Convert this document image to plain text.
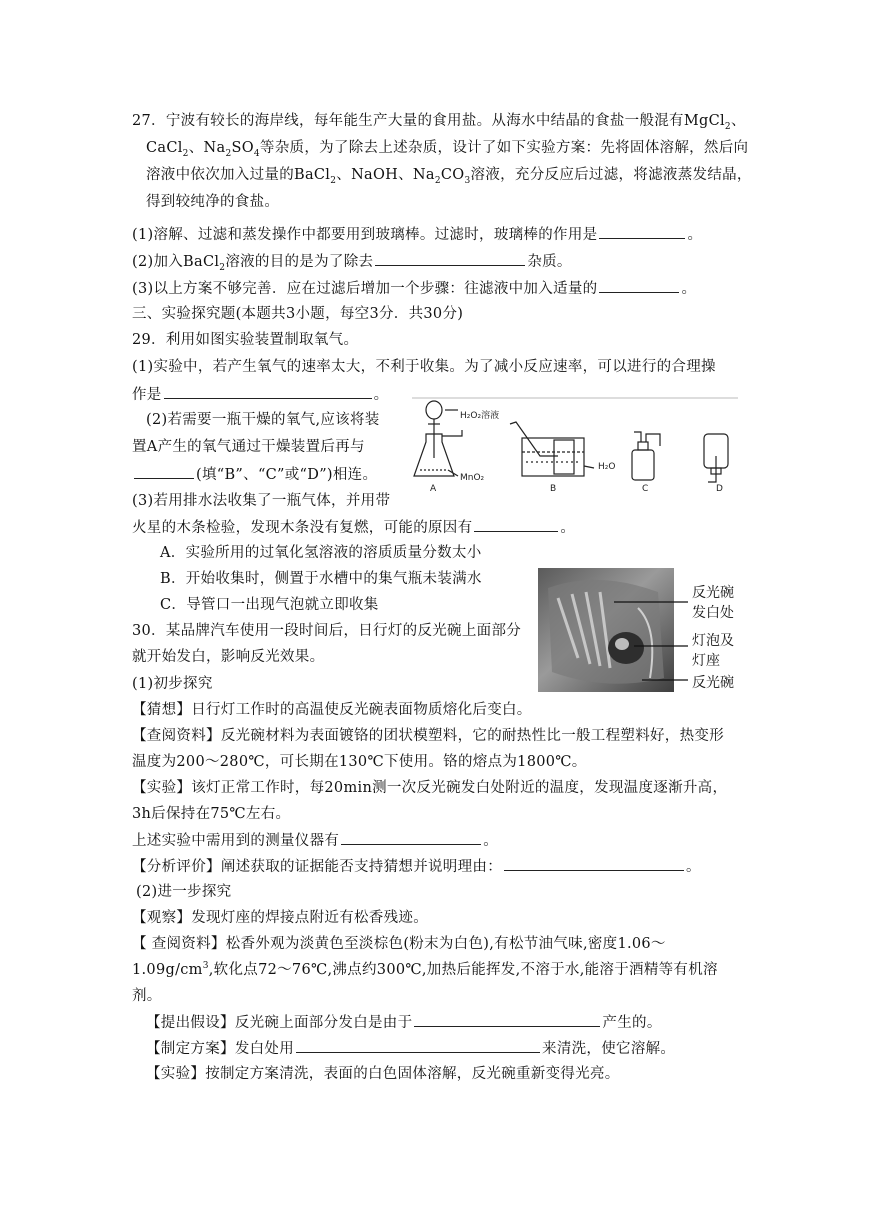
27．宁波有较长的海岸线，每年能生产大量的食用盐。从海水中结晶的食盐一般混有MgCl$_2$、
CaCl$_2$、$Na_2SO_4$等杂质，为了除去上述杂质，设计了如下实验方案：先将固体溶解，然后向
溶液中依次加入过量的BaCl$_2$、NaOH、$Na_2CO_3$溶液，充分反应后过滤，将滤液蒸发结晶，
得到较纯净的食盐。
(1)溶解、过滤和蒸发操作中都要用到玻璃棒。过滤时，玻璃棒的作用是	。
(2)加入BaCl$_2$溶液的目的是为了除去	杂质。
(3)以上方案不够完善．应在过滤后增加一个步骤：往滤液中加入适量的	。
三、实验探究题(本题共3小题，每空3分．共30分)
29．利用如图实验装置制取氧气。
(1)实验中，若产生氧气的速率太大，不利于收集。为了减小反应速率，可以进行的合理操
作是	。
(2)若需要一瓶干燥的氧气,应该将装
置A产生的氧气通过干燥装置后再与
(填“B”、“C”或“D”)相连。
(3)若用排水法收集了一瓶气体，并用带
火星的木条检验，发现木条没有复燃，可能的原因有	。
A．实验所用的过氧化氢溶液的溶质质量分数太小
B．开始收集时，侧置于水槽中的集气瓶未装满水
C．导管口一出现气泡就立即收集
H₂O₂溶液
MnO₂
H₂O
A	B	C	D
30．某品牌汽车使用一段时间后，日行灯的反光碗上面部分
就开始发白，影响反光效果。
反光碗
发白处
灯泡及
灯座
反光碗
(1)初步探究
【猜想】日行灯工作时的高温使反光碗表面物质熔化后变白。
【查阅资料】反光碗材料为表面镀铬的团状模塑料，它的耐热性比一般工程塑料好，热变形
温度为200～280℃，可长期在130℃下使用。铬的熔点为1800℃。
【实验】该灯正常工作时，每20min测一次反光碗发白处附近的温度，发现温度逐渐升高，
3h后保持在75℃左右。
上述实验中需用到的测量仪器有	。
【分析评价】阐述获取的证据能否支持猜想并说明理由：	。
(2)进一步探究
【观察】发现灯座的焊接点附近有松香残迹。
【 查阅资料】松香外观为淡黄色至淡棕色(粉末为白色),有松节油气味,密度1.06～
$1.09g/cm^3$,软化点72～76℃,沸点约300℃,加热后能挥发,不溶于水,能溶于酒精等有机溶
剂。
【提出假设】反光碗上面部分发白是由于	产生的。
【制定方案】发白处用	来清洗，使它溶解。
【实验】按制定方案清洗，表面的白色固体溶解，反光碗重新变得光亮。
